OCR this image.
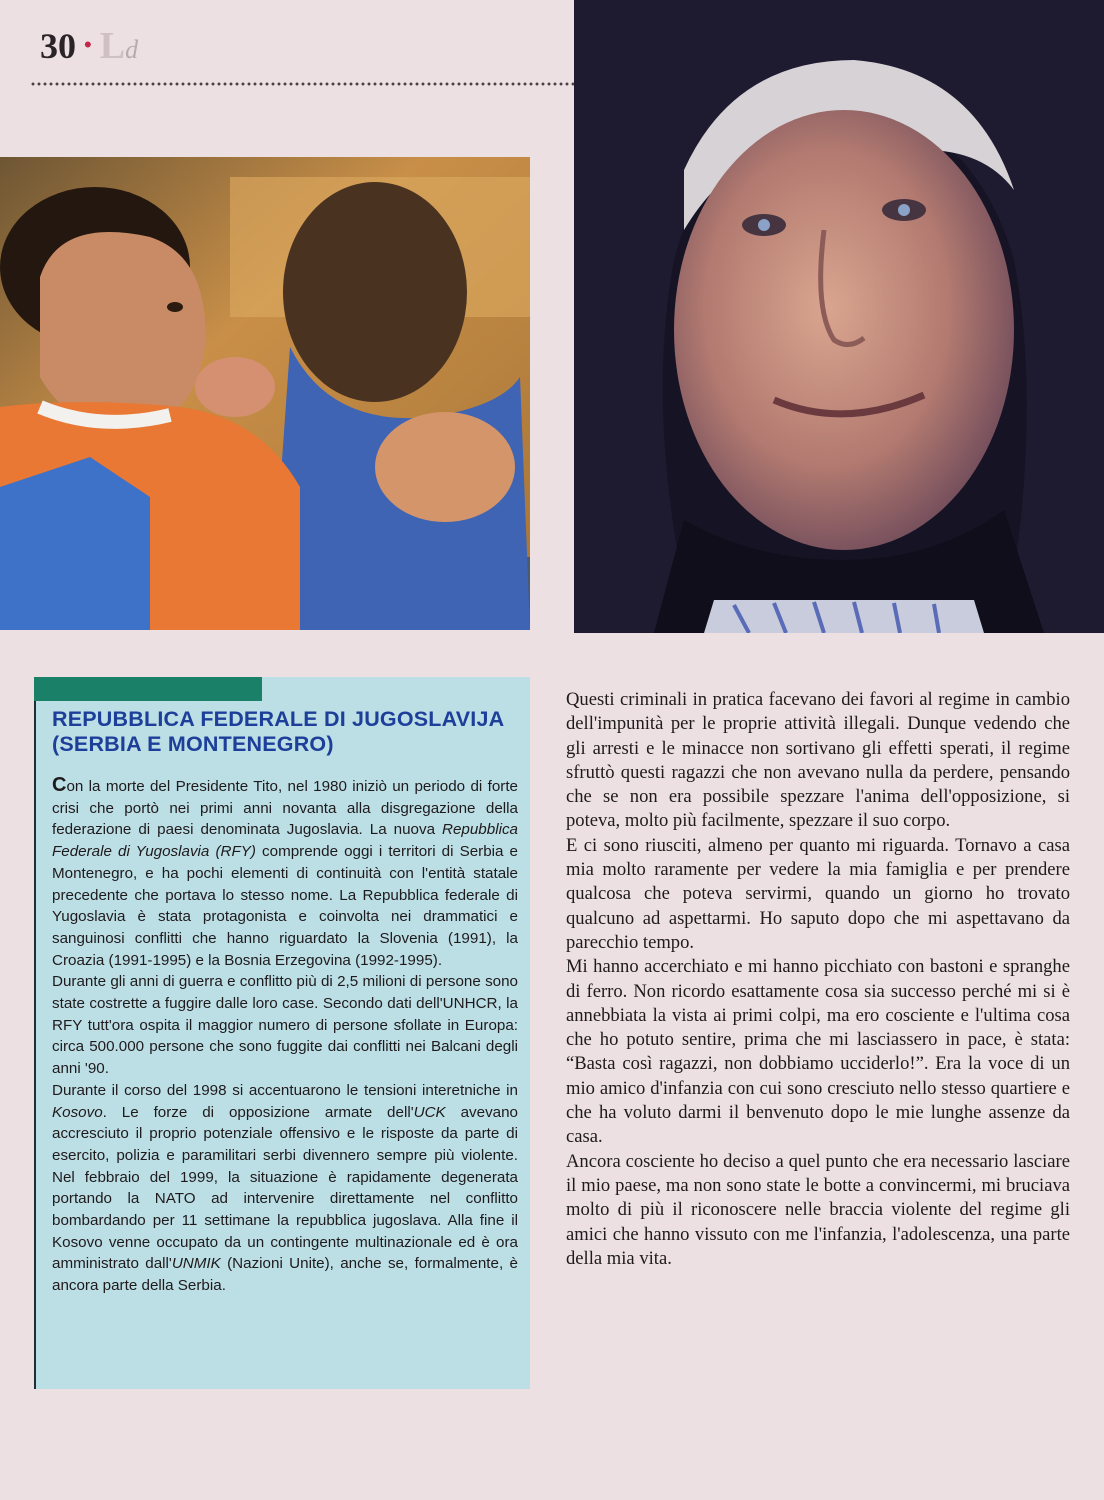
30 • Ld
REPUBBLICA FEDERALE DI JUGOSLAVIJA
(SERBIA E MONTENEGRO)

Con la morte del Presidente Tito, nel 1980 iniziò un periodo di forte crisi che portò nei primi anni novanta alla disgregazione della federazione di paesi denominata Jugoslavia. La nuova Repubblica Federale di Yugoslavia (RFY) comprende oggi i territori di Serbia e Montenegro, e ha pochi elementi di continuità con l'entità statale precedente che portava lo stesso nome. La Repubblica federale di Yugoslavia è stata protagonista e coinvolta nei drammatici e sanguinosi conflitti che hanno riguardato la Slovenia (1991), la Croazia (1991-1995) e la Bosnia Erzegovina (1992-1995).

Durante gli anni di guerra e conflitto più di 2,5 milioni di persone sono state costrette a fuggire dalle loro case. Secondo dati dell'UNHCR, la RFY tutt'ora ospita il maggior numero di persone sfollate in Europa: circa 500.000 persone che sono fuggite dai conflitti nei Balcani degli anni '90.

Durante il corso del 1998 si accentuarono le tensioni interetniche in Kosovo. Le forze di opposizione armate dell'UCK avevano accresciuto il proprio potenziale offensivo e le risposte da parte di esercito, polizia e paramilitari serbi divennero sempre più violente. Nel febbraio del 1999, la situazione è rapidamente degenerata portando la NATO ad intervenire direttamente nel conflitto bombardando per 11 settimane la repubblica jugoslava. Alla fine il Kosovo venne occupato da un contingente multinazionale ed è ora amministrato dall'UNMIK (Nazioni Unite), anche se, formalmente, è ancora parte della Serbia.

Questi criminali in pratica facevano dei favori al regime in cambio dell'impunità per le proprie attività illegali. Dunque vedendo che gli arresti e le minacce non sortivano gli effetti sperati, il regime sfruttò questi ragazzi che non avevano nulla da perdere, pensando che se non era possibile spezzare l'anima dell'opposizione, si poteva, molto più facilmente, spezzare il suo corpo.

E ci sono riusciti, almeno per quanto mi riguarda. Tornavo a casa mia molto raramente per vedere la mia famiglia e per prendere qualcosa che poteva servirmi, quando un giorno ho trovato qualcuno ad aspettarmi. Ho saputo dopo che mi aspettavano da parecchio tempo.

Mi hanno accerchiato e mi hanno picchiato con bastoni e spranghe di ferro. Non ricordo esattamente cosa sia successo perché mi si è annebbiata la vista ai primi colpi, ma ero cosciente e l'ultima cosa che ho potuto sentire, prima che mi lasciassero in pace, è stata: “Basta così ragazzi, non dobbiamo ucciderlo!”. Era la voce di un mio amico d'infanzia con cui sono cresciuto nello stesso quartiere e che ha voluto darmi il benvenuto dopo le mie lunghe assenze da casa.

Ancora cosciente ho deciso a quel punto che era necessario lasciare il mio paese, ma non sono state le botte a convincermi, mi bruciava molto di più il riconoscere nelle braccia violente del regime gli amici che hanno vissuto con me l'infanzia, l'adolescenza, una parte della mia vita.
